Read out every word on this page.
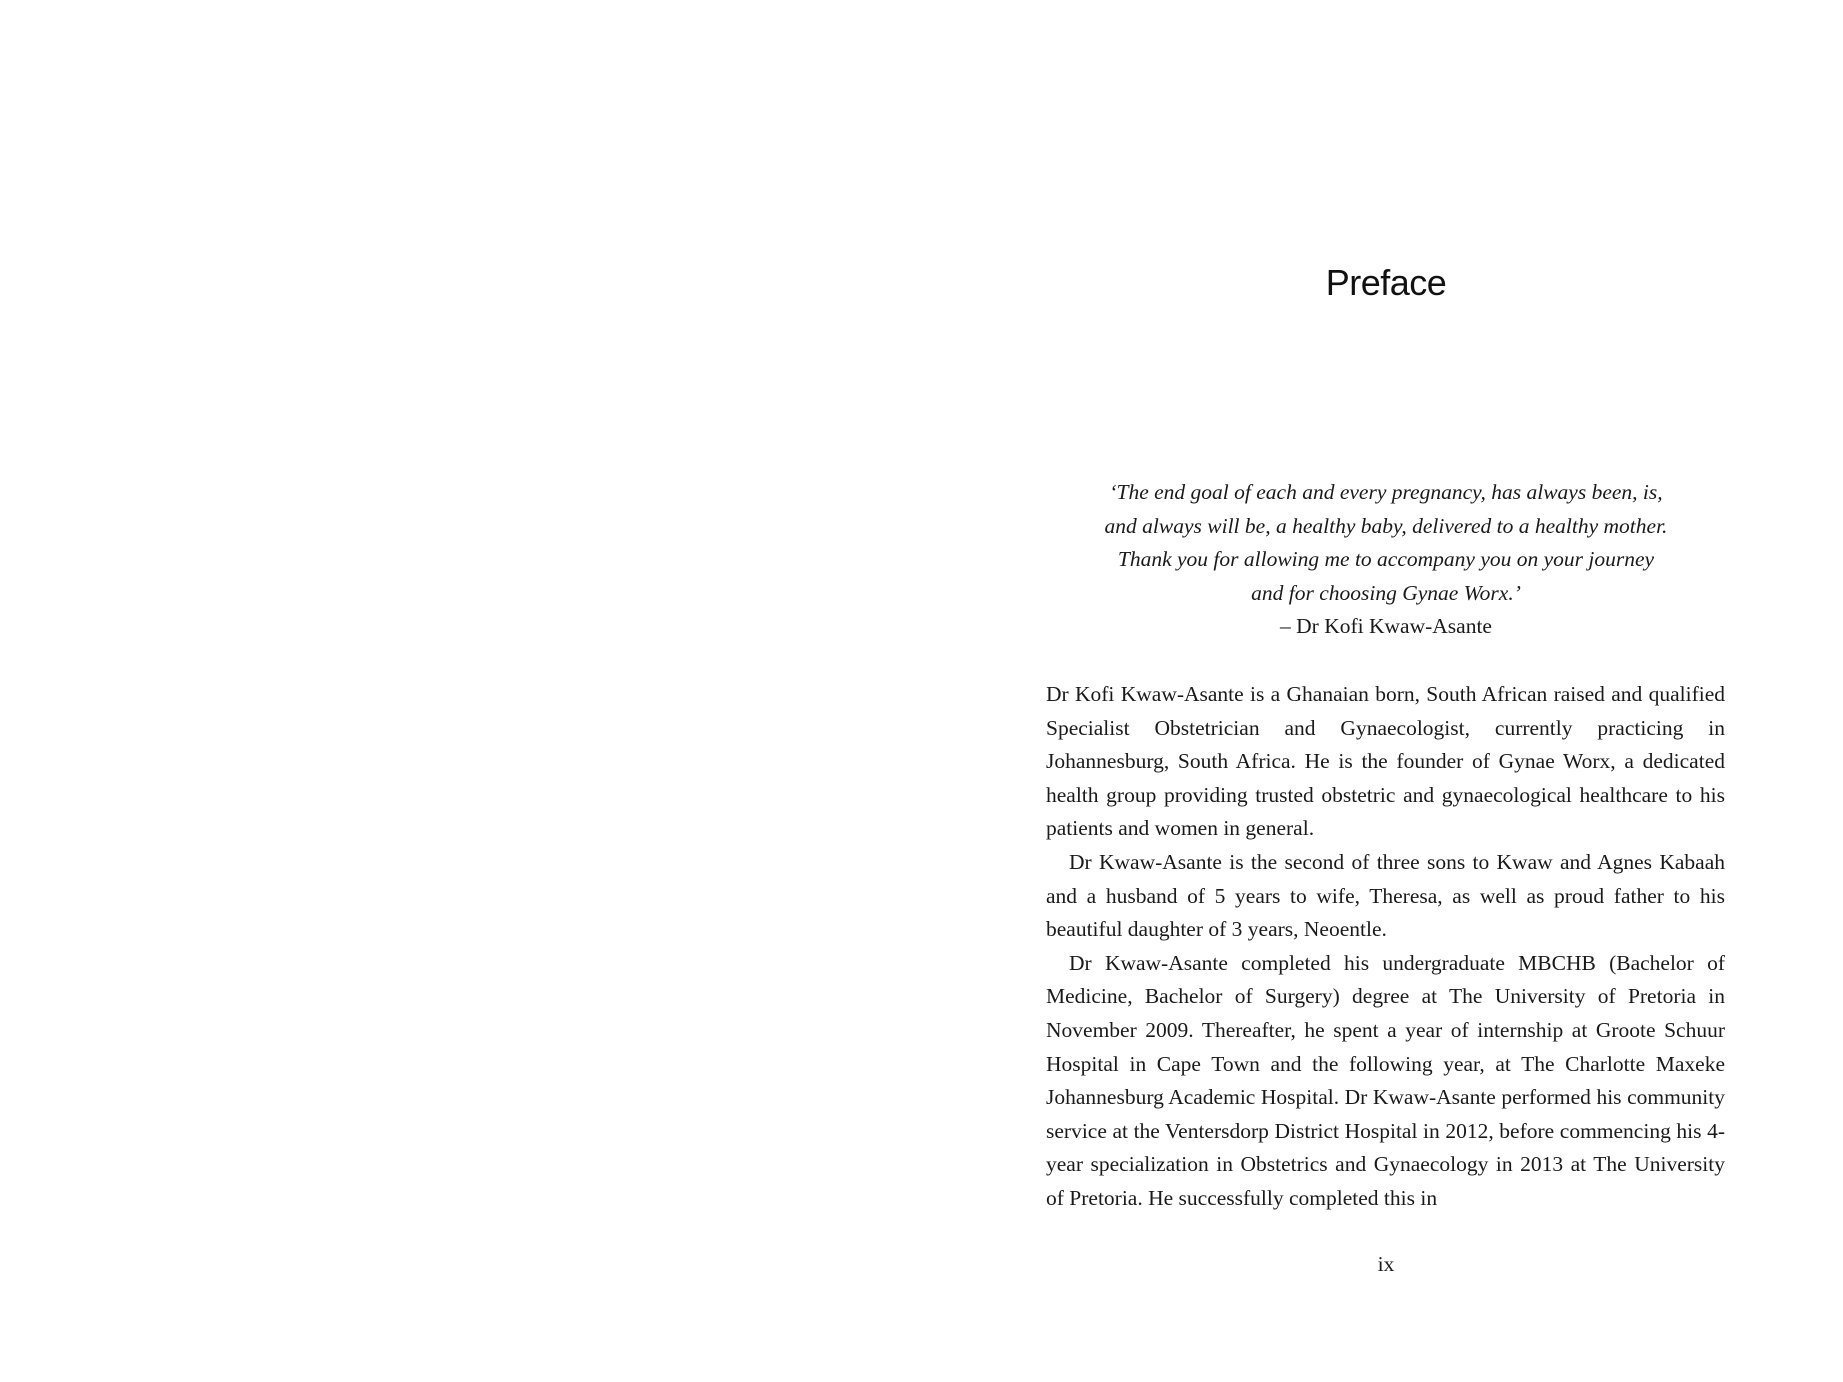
Preface
‘The end goal of each and every pregnancy, has always been, is,
and always will be, a healthy baby, delivered to a healthy mother.
Thank you for allowing me to accompany you on your journey
and for choosing Gynae Worx.’
– Dr Kofi Kwaw-Asante

Dr Kofi Kwaw-Asante is a Ghanaian born, South African raised and qualified Specialist Obstetrician and Gynaecologist, currently practicing in Johannesburg, South Africa. He is the founder of Gynae Worx, a dedicated health group providing trusted obstetric and gynaecological healthcare to his patients and women in general.

Dr Kwaw-Asante is the second of three sons to Kwaw and Agnes Kabaah and a husband of 5 years to wife, Theresa, as well as proud father to his beautiful daughter of 3 years, Neoentle.

Dr Kwaw-Asante completed his undergraduate MBCHB (Bachelor of Medicine, Bachelor of Surgery) degree at The University of Pretoria in November 2009. Thereafter, he spent a year of internship at Groote Schuur Hospital in Cape Town and the following year, at The Charlotte Maxeke Johannesburg Academic Hospital. Dr Kwaw-Asante performed his community service at the Ventersdorp District Hospital in 2012, before commencing his 4-year specialization in Obstetrics and Gynaecology in 2013 at The University of Pretoria. He successfully completed this in

ix
